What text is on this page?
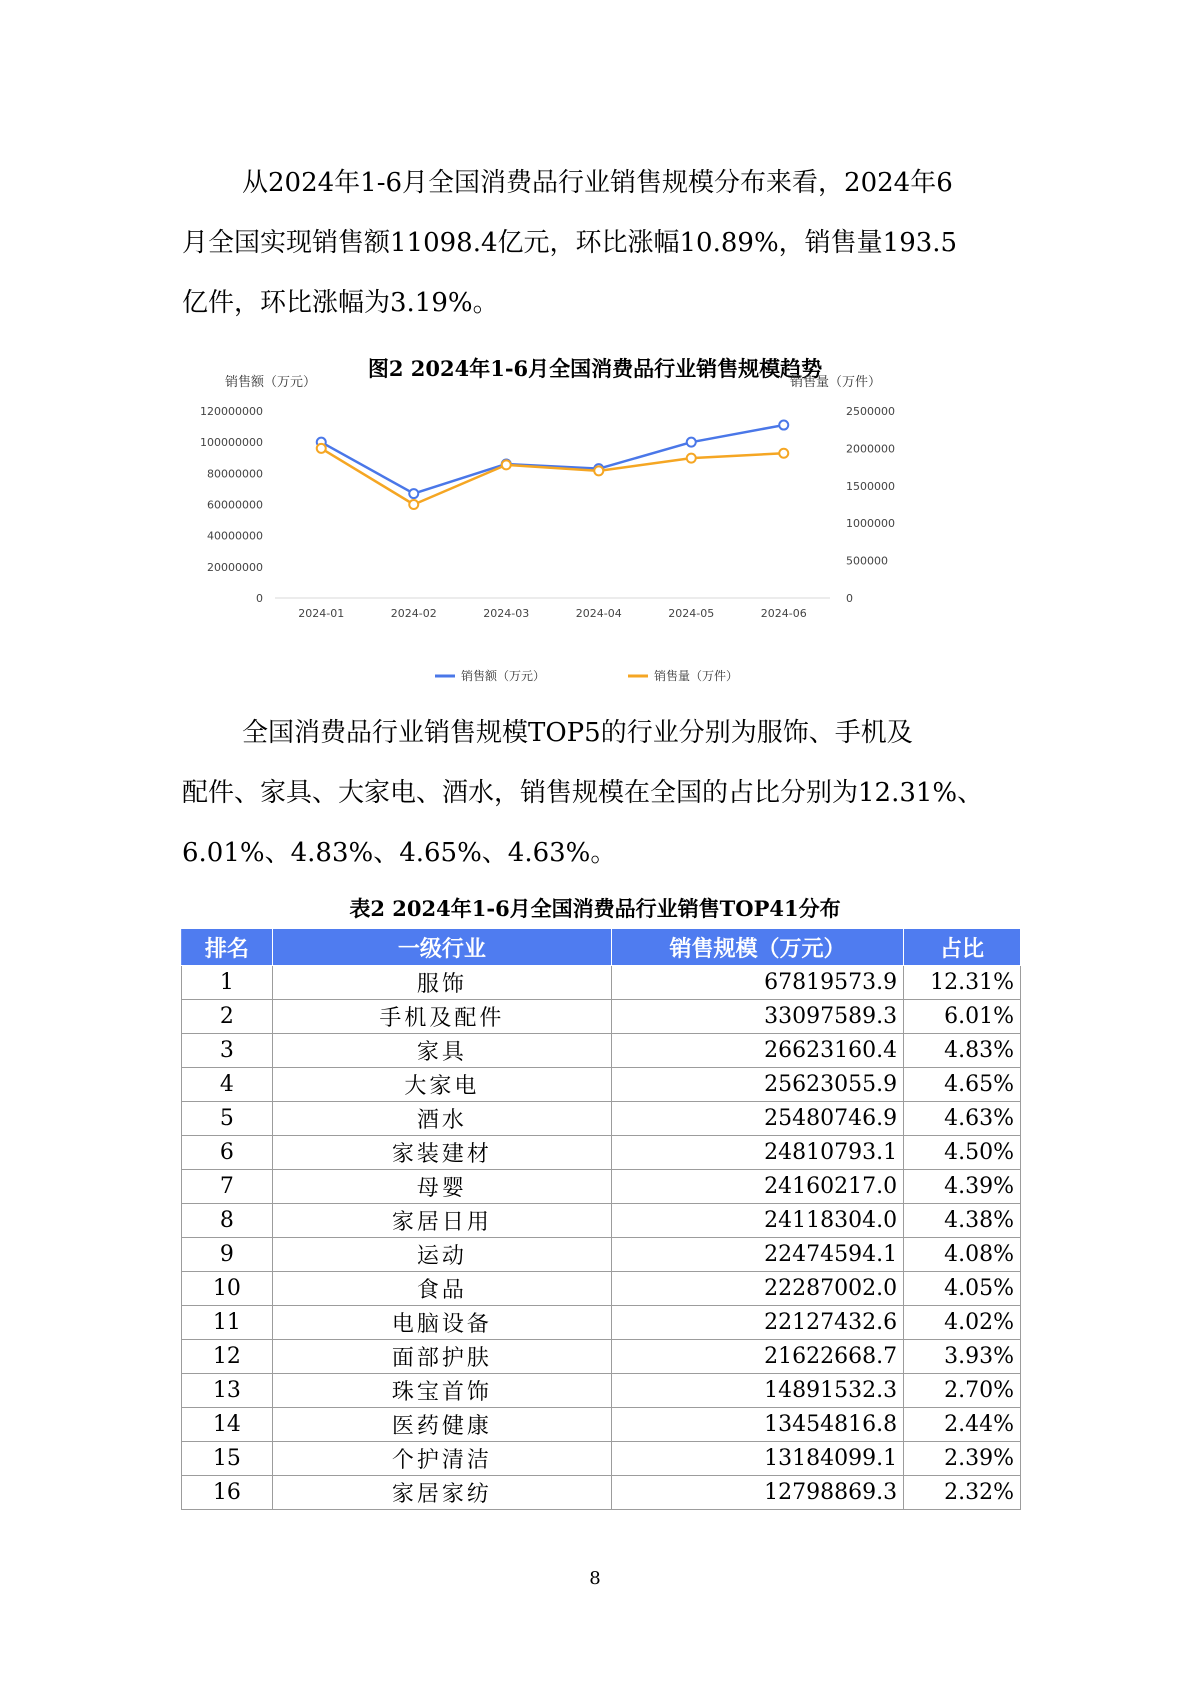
从2024年1-6月全国消费品行业销售规模分布来看，2024年6
月全国实现销售额11098.4亿元，环比涨幅10.89%，销售量193.5
亿件，环比涨幅为3.19%。

图2 2024年1-6月全国消费品行业销售规模趋势

销售额（万元）	销售量（万件）
0
20000000
40000000
60000000
80000000
100000000
120000000
0
500000
1000000
1500000
2000000
2500000
2024-01	2024-02	2024-03	2024-04	2024-05	2024-06
销售额（万元）	销售量（万件）

全国消费品行业销售规模TOP5的行业分别为服饰、手机及
配件、家具、大家电、酒水，销售规模在全国的占比分别为12.31%、
6.01%、4.83%、4.65%、4.63%。

表2 2024年1-6月全国消费品行业销售TOP41分布

排名	一级行业	销售规模（万元）	占比
1	服饰	67819573.9	12.31%
2	手机及配件	33097589.3	6.01%
3	家具	26623160.4	4.83%
4	大家电	25623055.9	4.65%
5	酒水	25480746.9	4.63%
6	家装建材	24810793.1	4.50%
7	母婴	24160217.0	4.39%
8	家居日用	24118304.0	4.38%
9	运动	22474594.1	4.08%
10	食品	22287002.0	4.05%
11	电脑设备	22127432.6	4.02%
12	面部护肤	21622668.7	3.93%
13	珠宝首饰	14891532.3	2.70%
14	医药健康	13454816.8	2.44%
15	个护清洁	13184099.1	2.39%
16	家居家纺	12798869.3	2.32%

8
